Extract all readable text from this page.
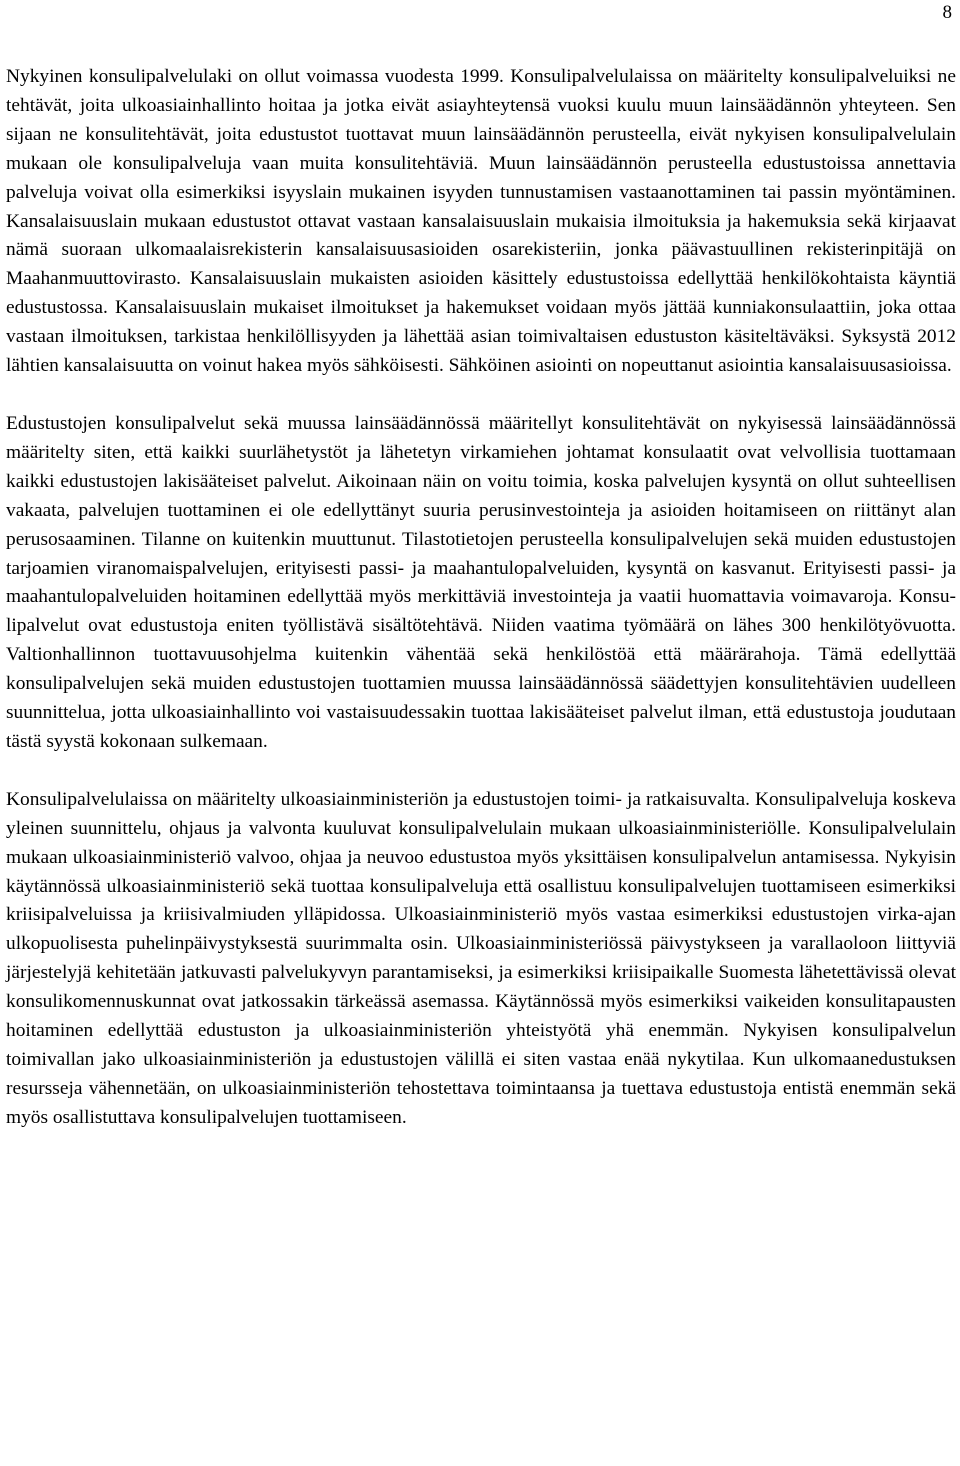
8

Nykyinen konsulipalvelulaki on ollut voimassa vuodesta 1999. Konsulipalvelulaissa on määritelty konsulipalveluiksi ne tehtävät, joita ulkoasiainhallinto hoitaa ja jotka eivät asiayhteytensä vuoksi kuulu muun lainsäädännön yhteyteen. Sen sijaan ne konsulitehtävät, joita edustustot tuottavat muun lainsäädännön perusteella, eivät nykyisen konsulipalvelulain mukaan ole konsulipalveluja vaan muita konsulitehtäviä. Muun lainsäädännön perusteella edustustoissa annettavia palveluja voivat olla esimerkiksi isyyslain mukainen isyyden tunnustamisen vastaanottaminen tai passin myöntäminen. Kansalaisuuslain mukaan edustustot ottavat vastaan kansalaisuuslain mukaisia ilmoituksia ja hakemuksia sekä kirjaavat nämä suoraan ulkomaalaisrekisterin kansalaisuusasioiden osarekisteriin, jonka päävastuullinen rekisterinpitäjä on Maahanmuuttovirasto. Kansalaisuuslain mukaisten asioiden käsittely edustustoissa edellyttää henkilökohtaista käyntiä edustustossa. Kansalaisuuslain mukaiset ilmoitukset ja hakemukset voidaan myös jättää kunniakonsulaattiin, joka ottaa vastaan ilmoituksen, tarkistaa henkilöllisyyden ja lähettää asian toimivaltaisen edustuston käsiteltäväksi. Syksystä 2012 lähtien kansalaisuutta on voinut hakea myös sähköisesti. Sähköinen asiointi on nopeuttanut asiointia kansalaisuusasioissa.

Edustustojen konsulipalvelut sekä muussa lainsäädännössä määritellyt konsulitehtävät on nykyisessä lainsäädännössä määritelty siten, että kaikki suurlähetystöt ja lähetetyn virkamiehen johtamat konsulaatit ovat velvollisia tuottamaan kaikki edustustojen lakisääteiset palvelut. Aikoinaan näin on voitu toimia, koska palvelujen kysyntä on ollut suhteellisen vakaata, palvelujen tuottaminen ei ole edellyttänyt suuria perusinvestointeja ja asioiden hoitamiseen on riittänyt alan perusosaaminen. Tilanne on kuitenkin muuttunut. Tilastotietojen perusteella konsulipalvelujen sekä muiden edustustojen tarjoamien viranomaispalvelujen, erityisesti passi- ja maahantulopalveluiden, kysyntä on kasvanut. Erityisesti passi- ja maahantulopalveluiden hoitaminen edellyttää myös merkittäviä investointeja ja vaatii huomattavia voimavaroja. Konsulipalvelut ovat edustustoja eniten työllistävä sisältötehtävä. Niiden vaatima työmäärä on lähes 300 henkilötyövuotta. Valtionhallinnon tuottavuusohjelma kuitenkin vähentää sekä henkilöstöä että määrärahoja. Tämä edellyttää konsulipalvelujen sekä muiden edustustojen tuottamien muussa lainsäädännössä säädettyjen konsulitehtävien uudelleen suunnittelua, jotta ulkoasiainhallinto voi vastaisuudessakin tuottaa lakisääteiset palvelut ilman, että edustustoja joudutaan tästä syystä kokonaan sulkemaan.

Konsulipalvelulaissa on määritelty ulkoasiainministeriön ja edustustojen toimi- ja ratkaisuvalta. Konsulipalveluja koskeva yleinen suunnittelu, ohjaus ja valvonta kuuluvat konsulipalvelulain mukaan ulkoasiainministeriölle. Konsulipalvelulain mukaan ulkoasiainministeriö valvoo, ohjaa ja neuvoo edustustoa myös yksittäisen konsulipalvelun antamisessa. Nykyisin käytännössä ulkoasiainministeriö sekä tuottaa konsulipalveluja että osallistuu konsulipalvelujen tuottamiseen esimerkiksi kriisipalveluissa ja kriisivalmiuden ylläpidossa. Ulkoasiainministeriö myös vastaa esimerkiksi edustustojen virka-ajan ulkopuolisesta puhelinpäivystyksestä suurimmalta osin. Ulkoasiainministeriössä päivystykseen ja varallaoloon liittyviä järjestelyjä kehitetään jatkuvasti palvelukyvyn parantamiseksi, ja esimerkiksi kriisipaikalle Suomesta lähetettävissä olevat konsulikomennuskunnat ovat jatkossakin tärkeässä asemassa. Käytännössä myös esimerkiksi vaikeiden konsulitapausten hoitaminen edellyttää edustuston ja ulkoasiainministeriön yhteistyötä yhä enemmän. Nykyisen konsulipalvelun toimivallan jako ulkoasiainministeriön ja edustustojen välillä ei siten vastaa enää nykytilaa. Kun ulkomaanedustuksen resursseja vähennetään, on ulkoasiainministeriön tehostettava toimintaansa ja tuettava edustustoja entistä enemmän sekä myös osallistuttava konsulipalvelujen tuottamiseen.
